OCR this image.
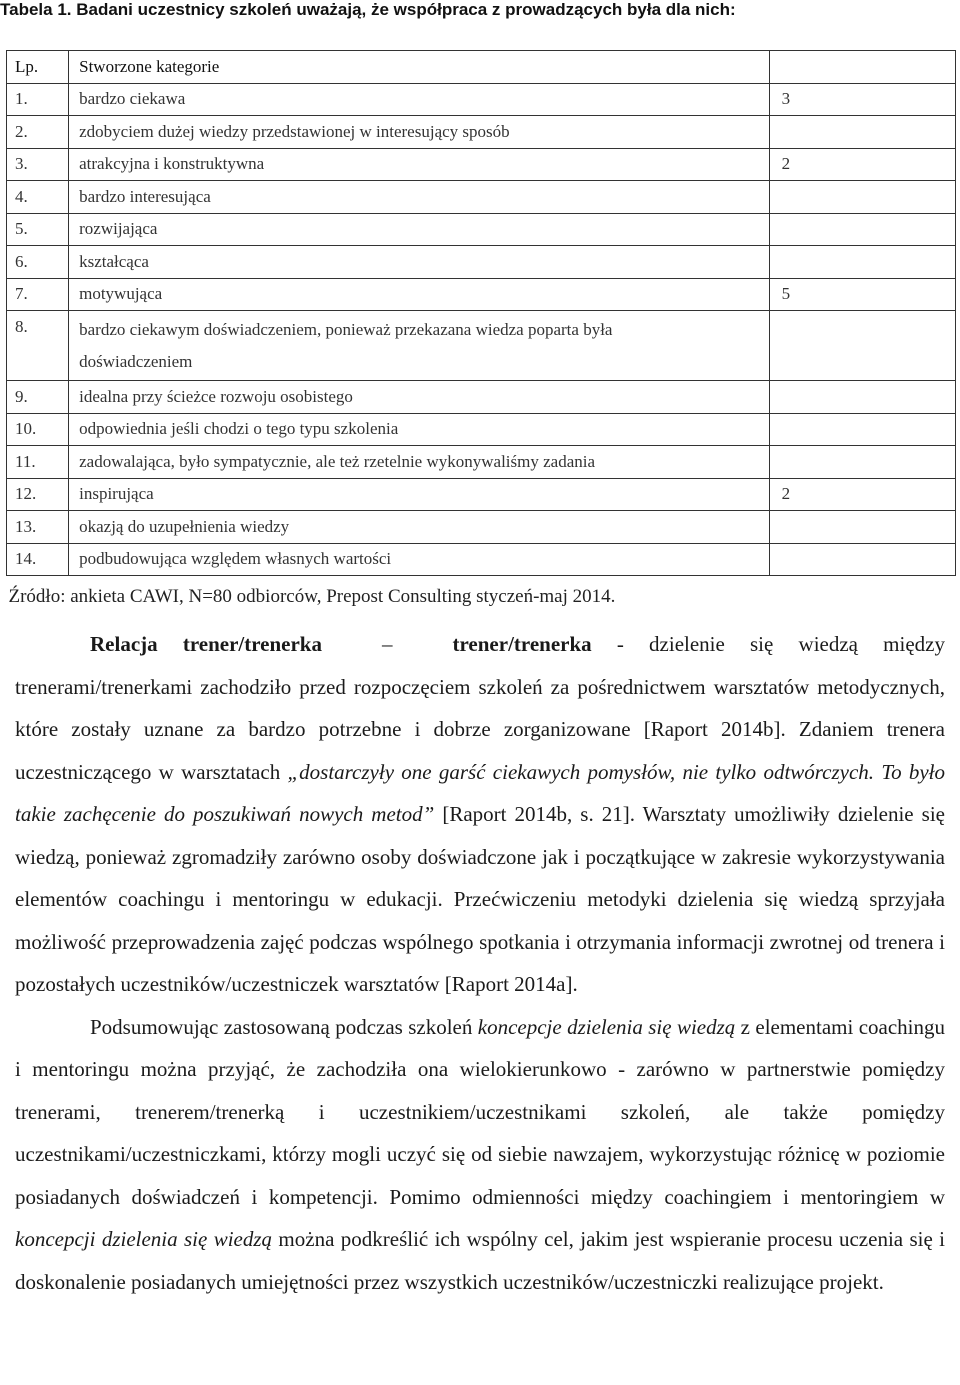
Tabela 1. Badani uczestnicy szkoleń uważają, że współpraca z prowadzących była dla nich:
Lp.	Stworzone kategorie	
1.	bardzo ciekawa	3
2.	zdobyciem dużej wiedzy przedstawionej w interesujący sposób	
3.	atrakcyjna i konstruktywna	2
4.	bardzo interesująca	
5.	rozwijająca	
6.	kształcąca	
7.	motywująca	5
8.	bardzo ciekawym doświadczeniem, ponieważ przekazana wiedza poparta była
doświadczeniem	
9.	idealna przy ścieżce rozwoju osobistego	
10.	odpowiednia jeśli chodzi o tego typu szkolenia	
11.	zadowalająca, było sympatycznie, ale też rzetelnie wykonywaliśmy zadania	
12.	inspirująca	2
13.	okazją do uzupełnienia wiedzy	
14.	podbudowująca względem własnych wartości	
Źródło: ankieta CAWI, N=80 odbiorców, Prepost Consulting styczeń-maj 2014.		

Relacja trener/trenerka	–	trener/trenerka - dzielenie się wiedzą między trenerami/trenerkami zachodziło przed rozpoczęciem szkoleń za pośrednictwem warsztatów metodycznych, które zostały uznane za bardzo potrzebne i dobrze zorganizowane [Raport 2014b]. Zdaniem trenera uczestniczącego w warsztatach „dostarczyły one garść ciekawych pomysłów, nie tylko odtwórczych. To było takie zachęcenie do poszukiwań nowych metod” [Raport 2014b, s. 21]. Warsztaty umożliwiły dzielenie się wiedzą, ponieważ zgromadziły zarówno osoby doświadczone jak i początkujące w zakresie wykorzystywania elementów coachingu i mentoringu w edukacji. Przećwiczeniu metodyki dzielenia się wiedzą sprzyjała możliwość przeprowadzenia zajęć podczas wspólnego spotkania i otrzymania informacji zwrotnej od trenera i pozostałych uczestników/uczestniczek warsztatów [Raport 2014a].

Podsumowując zastosowaną podczas szkoleń koncepcje dzielenia się wiedzą z elementami coachingu i mentoringu można przyjąć, że zachodziła ona wielokierunkowo - zarówno w partnerstwie pomiędzy trenerami, trenerem/trenerką i uczestnikiem/uczestnikami szkoleń, ale także pomiędzy uczestnikami/uczestniczkami, którzy mogli uczyć się od siebie nawzajem, wykorzystując różnicę w poziomie posiadanych doświadczeń i kompetencji. Pomimo odmienności między coachingiem i mentoringiem w koncepcji dzielenia się wiedzą można podkreślić ich wspólny cel, jakim jest wspieranie procesu uczenia się i doskonalenie posiadanych umiejętności przez wszystkich uczestników/uczestniczki realizujące projekt.
